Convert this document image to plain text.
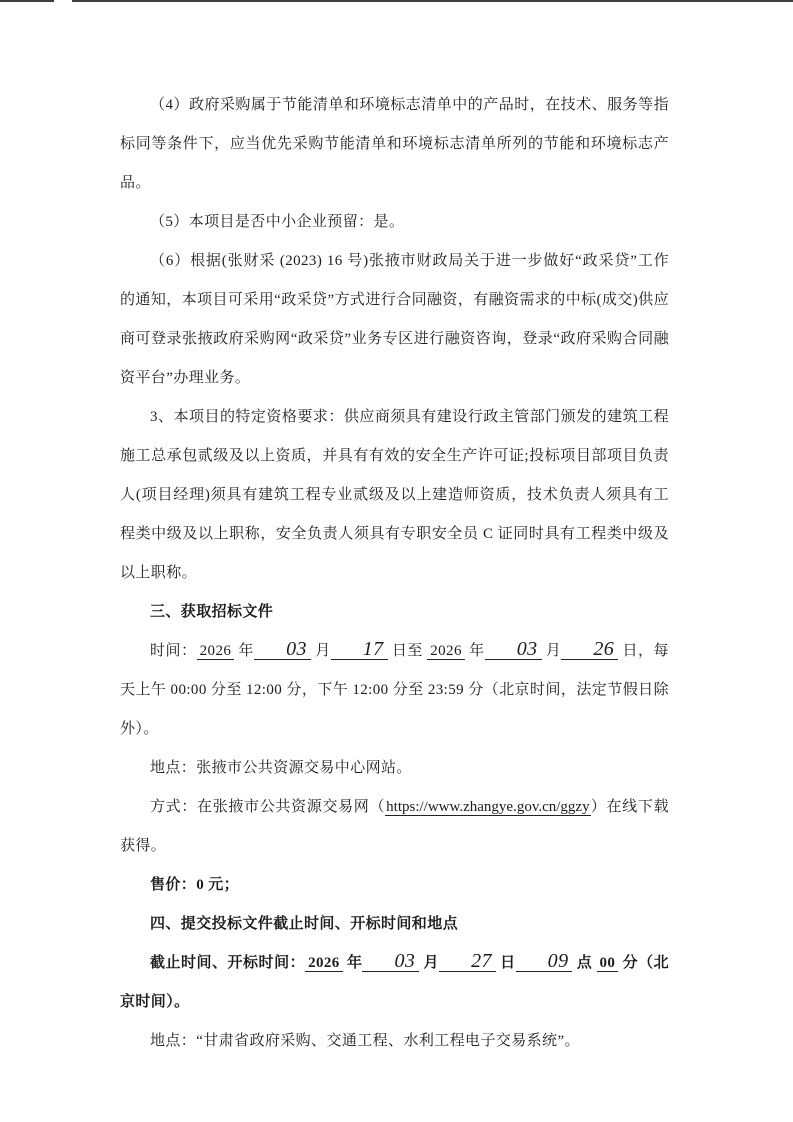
（4）政府采购属于节能清单和环境标志清单中的产品时，在技术、服务等指标同等条件下，应当优先采购节能清单和环境标志清单所列的节能和环境标志产品。

（5）本项目是否中小企业预留：是。

（6）根据(张财采 (2023) 16 号)张掖市财政局关于进一步做好“政采贷”工作的通知，本项目可采用“政采贷”方式进行合同融资，有融资需求的中标(成交)供应商可登录张掖政府采购网“政采贷”业务专区进行融资咨询，登录“政府采购合同融资平台”办理业务。

3、本项目的特定资格要求：供应商须具有建设行政主管部门颁发的建筑工程施工总承包贰级及以上资质，并具有有效的安全生产许可证;投标项目部项目负责人(项目经理)须具有建筑工程专业贰级及以上建造师资质，技术负责人须具有工程类中级及以上职称，安全负责人须具有专职安全员 C 证同时具有工程类中级及以上职称。

三、获取招标文件

时间： 2026 年 03 月 17 日至 2026 年 03 月 26 日，每天上午 00:00 分至 12:00 分，下午 12:00 分至 23:59 分（北京时间，法定节假日除外）。

地点：张掖市公共资源交易中心网站。

方式：在张掖市公共资源交易网（https://www.zhangye.gov.cn/ggzy）在线下载获得。

售价：0 元；

四、提交投标文件截止时间、开标时间和地点

截止时间、开标时间： 2026 年 03 月 27 日 09 点 00 分（北京时间）。

地点：“甘肃省政府采购、交通工程、水利工程电子交易系统”。
